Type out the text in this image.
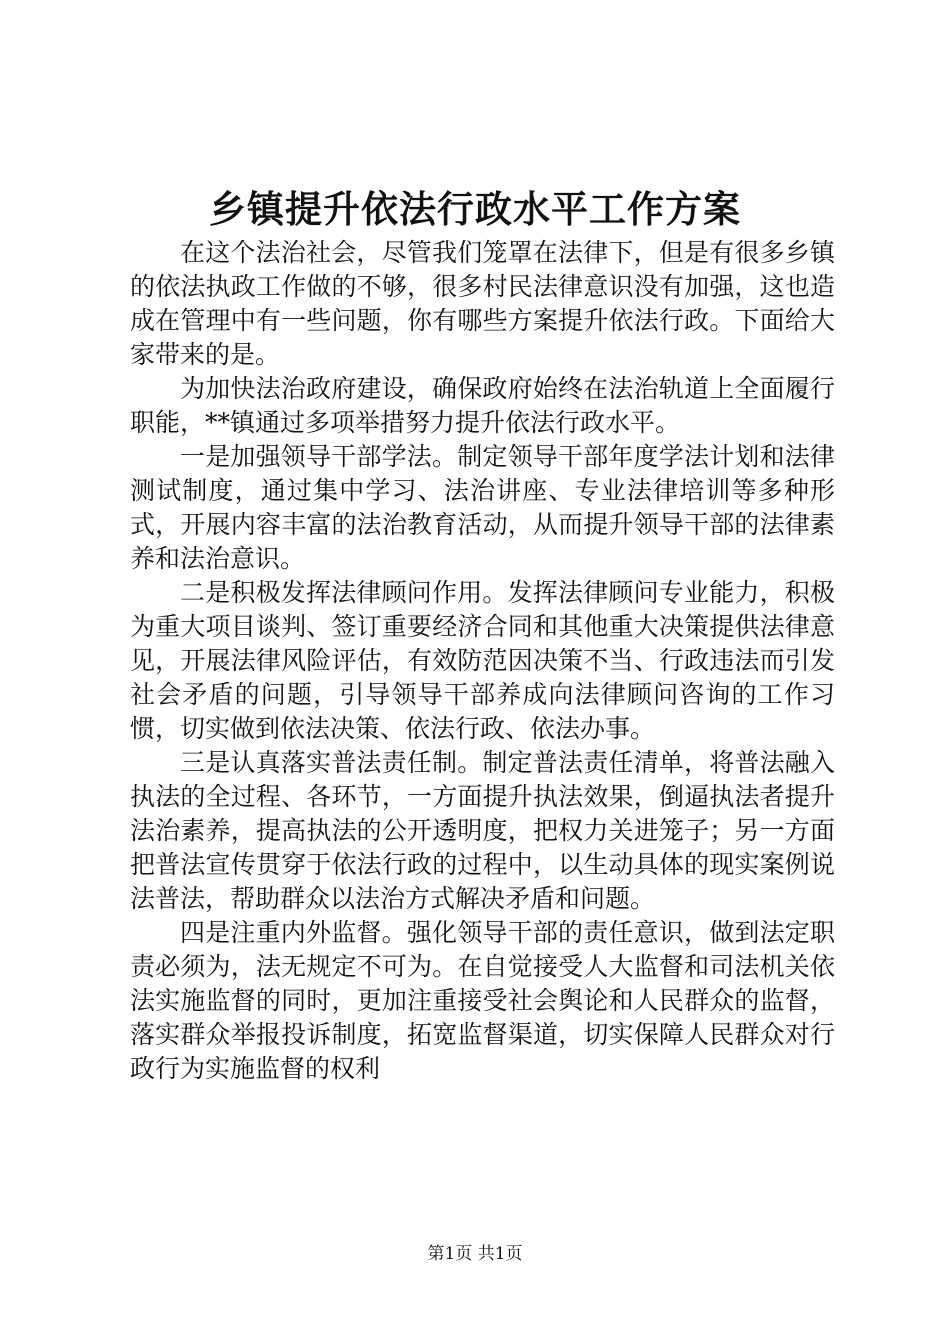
乡镇提升依法行政水平工作方案

在这个法治社会，尽管我们笼罩在法律下，但是有很多乡镇的依法执政工作做的不够，很多村民法律意识没有加强，这也造成在管理中有一些问题，你有哪些方案提升依法行政。下面给大家带来的是。

为加快法治政府建设，确保政府始终在法治轨道上全面履行职能，**镇通过多项举措努力提升依法行政水平。

一是加强领导干部学法。制定领导干部年度学法计划和法律测试制度，通过集中学习、法治讲座、专业法律培训等多种形式，开展内容丰富的法治教育活动，从而提升领导干部的法律素养和法治意识。

二是积极发挥法律顾问作用。发挥法律顾问专业能力，积极为重大项目谈判、签订重要经济合同和其他重大决策提供法律意见，开展法律风险评估，有效防范因决策不当、行政违法而引发社会矛盾的问题，引导领导干部养成向法律顾问咨询的工作习惯，切实做到依法决策、依法行政、依法办事。

三是认真落实普法责任制。制定普法责任清单，将普法融入执法的全过程、各环节，一方面提升执法效果，倒逼执法者提升法治素养，提高执法的公开透明度，把权力关进笼子；另一方面把普法宣传贯穿于依法行政的过程中，以生动具体的现实案例说法普法，帮助群众以法治方式解决矛盾和问题。

四是注重内外监督。强化领导干部的责任意识，做到法定职责必须为，法无规定不可为。在自觉接受人大监督和司法机关依法实施监督的同时，更加注重接受社会舆论和人民群众的监督，落实群众举报投诉制度，拓宽监督渠道，切实保障人民群众对行政行为实施监督的权利

第1页 共1页
